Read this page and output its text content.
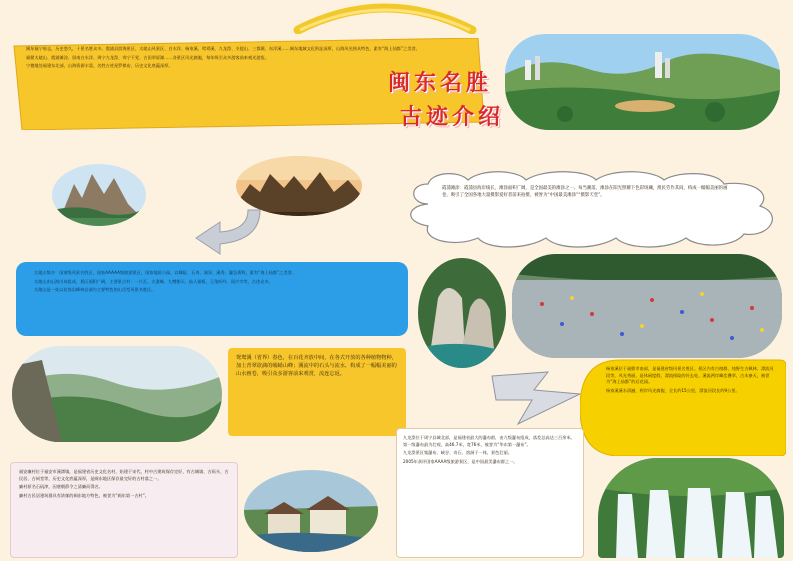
闽东福宁府志，历史悠久，十景名胜众多。霞浦县滨海景区、太姥山风景区、白水洋、杨家溪、鸳鸯溪、九龙漈、支提山、三都澳、东洋溪……闽东地域文化积淀深厚，山海风光独具特色，素有“海上仙都”之美誉。

福鼎太姥山、霞浦滩涂、屏南白水洋、周宁九龙漈、寿宁下党、古田翠屏湖……各景区风光旖旎，每年吸引众多游客前来观光游览。

宁德地处福建东北部，山海资源丰富，名胜古迹星罗棋布，历史文化底蕴深厚。

闽东名胜
古迹介绍
霞浦滩涂：霞浦县海岸线长，滩涂面积广阔，是全国最美的滩涂之一。每当潮落，滩涂在阳光照耀下色彩斑斓，渔民劳作其间，构成一幅幅美丽的画卷，吸引了全国各地大量摄影爱好者前来拍摄，被誉为“中国最美滩涂”“摄影天堂”。

太姥山简介：国家级风景名胜区，国家AAAAA级旅游景区，国家地质公园，以峰险、石奇、洞异、溪秀、瀑急著称，素有“海上仙都”之美誉。

太姥山由山海川岛组成，景区面积广阔，主要景点有：一片瓦、夫妻峰、九鲤朝天、仙人锯板、玉兔听经、国兴寺等，古迹众多。

太姥山是一处以花岗岩峰林岩洞为主要特色的山岳型风景名胜区。

鸳鸯溪（省界）春色，在百花齐放中间，在各式开放的各种植物物种，加上青翠欲滴的峻峭山峰；溪流中的石头与流水，构成了一幅幅美丽的山水画卷，吸引众多游客前来观赏，流连忘返。

杨家溪位于福鼎市南部，是福建省级风景名胜区。景区内有古榕群、纯野生古枫林、漂流河段等，风光秀丽，是休闲度假、漂流探险的好去处。溪流两岸峰峦叠翠，古木参天，被誉为“海上仙都”的后花园。

杨家溪溪水清澈，两岸风光旖旎，全长约15公里，漂流河段长约9公里。

九龙漈位于周宁县城北部，是福建省最大的瀑布群，由九级瀑布组成，落差总高达三百余米。第一级瀑布最为壮观，高46.7米，宽76米，被誉为“华东第一瀑布”。

九龙漈景区集瀑布、峡谷、奇石、溶洞于一体，景色壮丽。

2005年获评国家AAAA级旅游景区，是中国最美瀑布群之一。

福安廉村位于福安市溪潭镇，是福建省历史文化名村，始建于宋代，村中古建筑保存完好，有古城墙、古码头、古民居、古祠堂等，历史文化底蕴深厚，是闽东地区保存最完好的古村落之一。

廉村原名石矶津，因唐朝薛令之清廉而得名。

廉村古民居建筑群具有浓郁的闽东地方特色，被誉为“闽东第一古村”。
